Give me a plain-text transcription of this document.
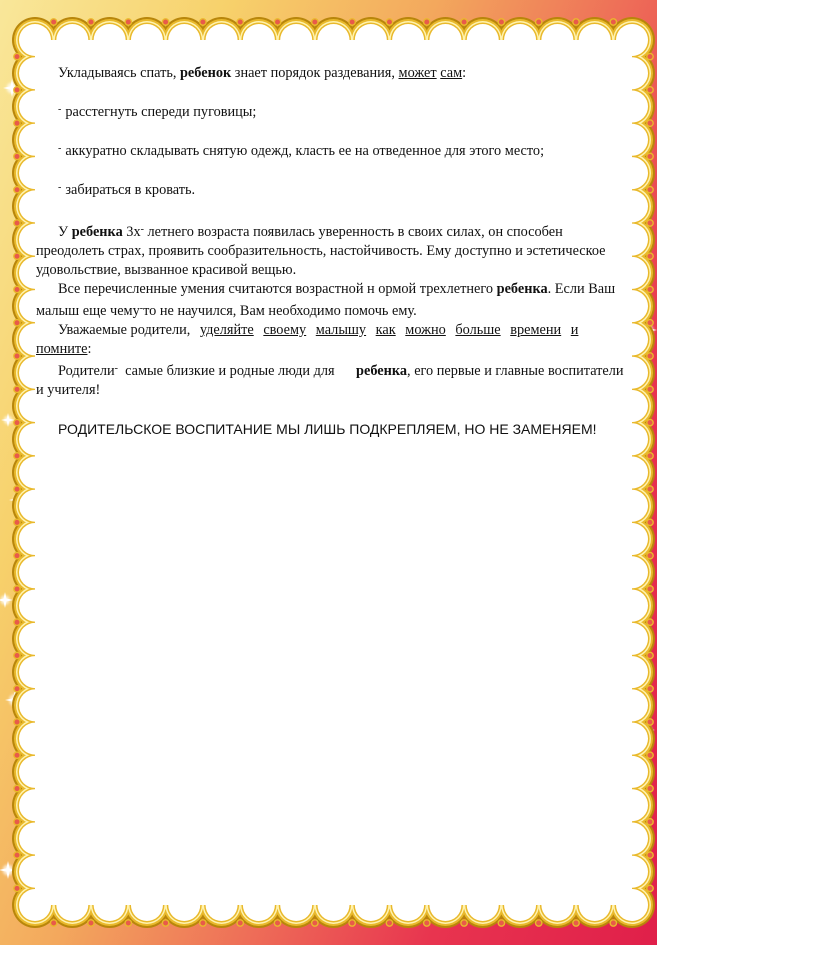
Укладываясь спать, ребенок знает порядок раздевания, может сам:

- расстегнуть спереди пуговицы;

- аккуратно складывать снятую одежд, класть ее на отведенное для этого место;

- забираться в кровать.

У ребенка 3х- летнего возраста появилась уверенность в своих силах, он способен преодолеть страх, проявить сообразительность, настойчивость. Ему доступно и эстетическое удовольствие, вызванное красивой вещью.

Все перечисленные умения считаются возрастной н ормой трехлетнего ребенка. Если Ваш малыш еще чему-то не научился, Вам необходимо помочь ему.

Уважаемые родители, уделяйте своему малышу как можно больше времени и помните:

Родители-  самые близкие и родные люди для      ребенка, его первые и главные воспитатели и учителя!

РОДИТЕЛЬСКОЕ ВОСПИТАНИЕ МЫ ЛИШЬ ПОДКРЕПЛЯЕМ, НО НЕ ЗАМЕНЯЕМ!
